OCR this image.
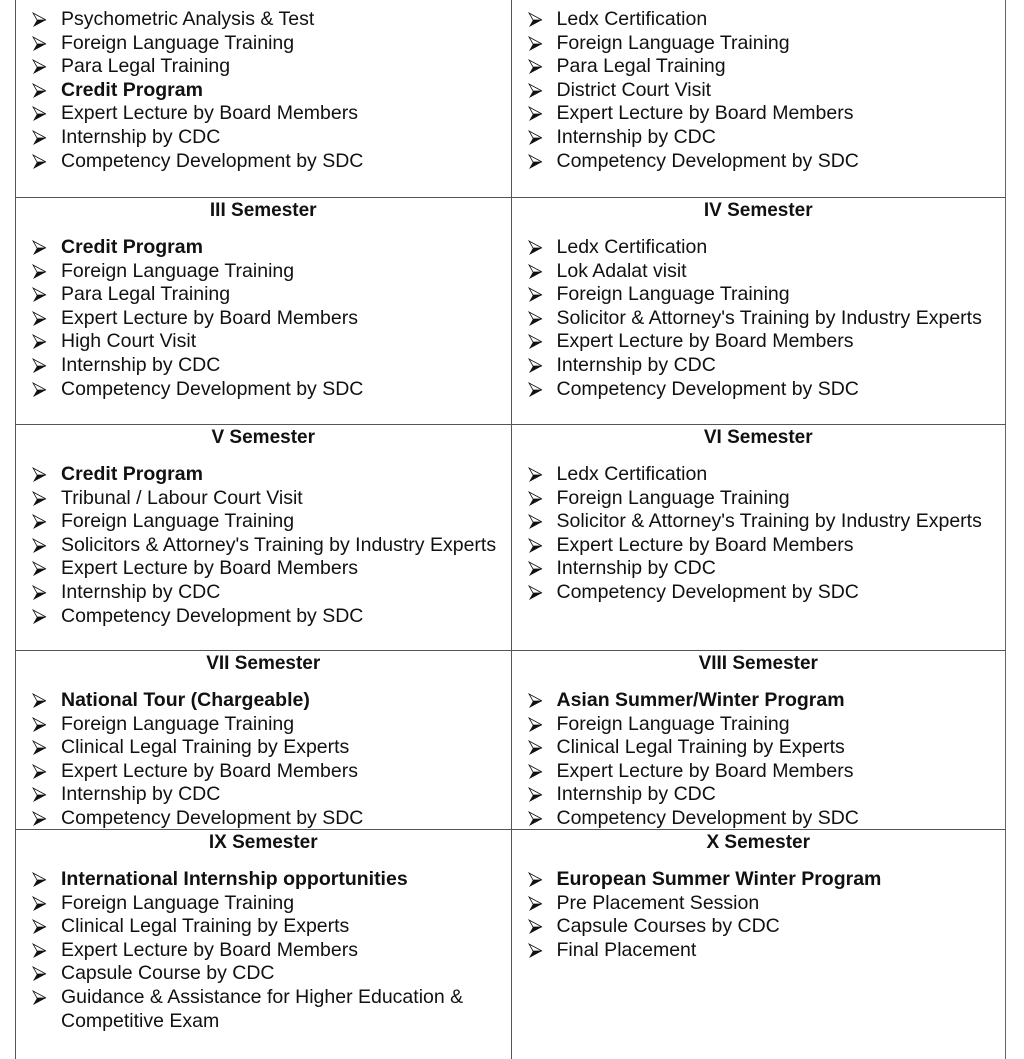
Psychometric Analysis & Test
Foreign Language Training
Para Legal Training
Credit Program
Expert Lecture by Board Members
Internship by CDC
Competency Development by SDC
Ledx Certification
Foreign Language Training
Para Legal Training
District Court Visit
Expert Lecture by Board Members
Internship by CDC
Competency Development by SDC
III Semester
Credit Program
Foreign Language Training
Para Legal Training
Expert Lecture by Board Members
High Court Visit
Internship by CDC
Competency Development by SDC
IV Semester
Ledx Certification
Lok Adalat visit
Foreign Language Training
Solicitor & Attorney's Training by Industry Experts
Expert Lecture by Board Members
Internship by CDC
Competency Development by SDC
V Semester
Credit Program
Tribunal / Labour Court Visit
Foreign Language Training
Solicitors & Attorney's Training by Industry Experts
Expert Lecture by Board Members
Internship by CDC
Competency Development by SDC
VI Semester
Ledx Certification
Foreign Language Training
Solicitor & Attorney's Training by Industry Experts
Expert Lecture by Board Members
Internship by CDC
Competency Development by SDC
VII Semester
National Tour (Chargeable)
Foreign Language Training
Clinical Legal Training by Experts
Expert Lecture by Board Members
Internship by CDC
Competency Development by SDC
VIII Semester
Asian Summer/Winter Program
Foreign Language Training
Clinical Legal Training by Experts
Expert Lecture by Board Members
Internship by CDC
Competency Development by SDC
IX Semester
International Internship opportunities
Foreign Language Training
Clinical Legal Training by Experts
Expert Lecture by Board Members
Capsule Course by CDC
Guidance & Assistance for Higher Education & Competitive Exam
X Semester
European Summer Winter Program
Pre Placement Session
Capsule Courses by CDC
Final Placement
